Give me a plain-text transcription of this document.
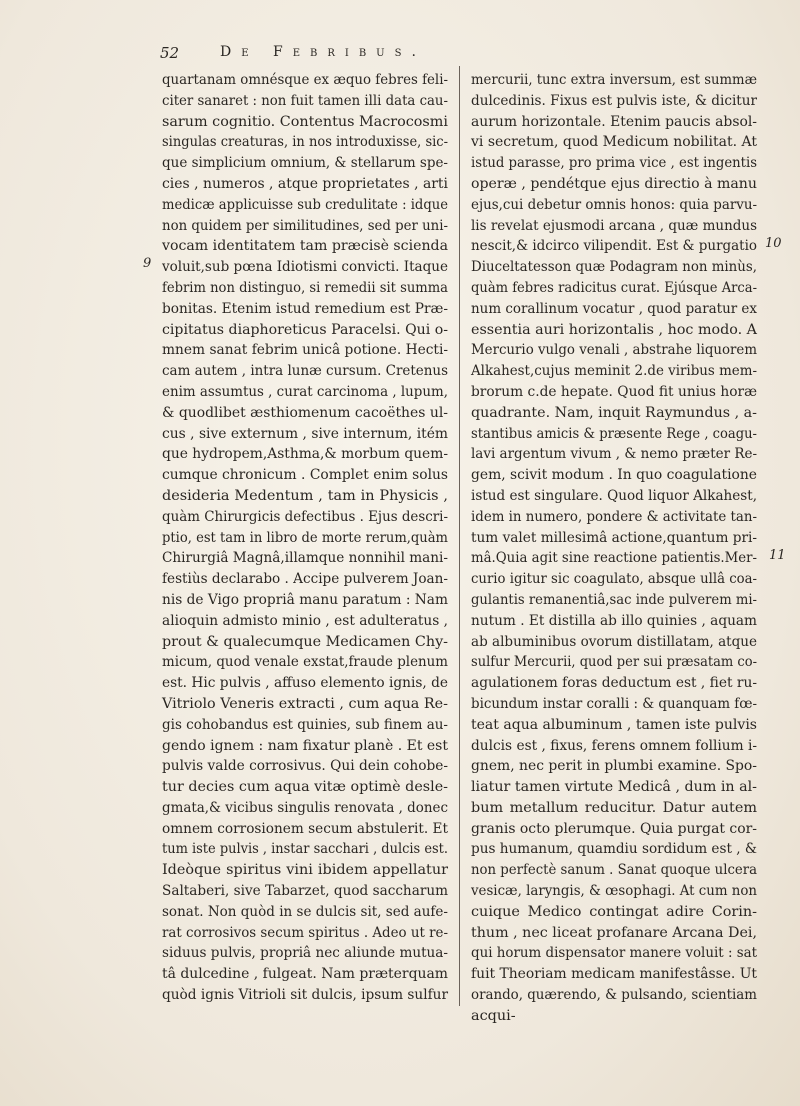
52	De Febribus.
quartanam omnésque ex æquo febres feli-
citer sanaret : non fuit tamen illi data cau-
sarum cognitio. Contentus Macrocosmi
singulas creaturas, in nos introduxisse, sic-
que simplicium omnium, & stellarum spe-
cies , numeros , atque proprietates , arti
medicæ applicuisse sub credulitate : idque
non quidem per similitudines, sed per uni-
vocam identitatem tam præcisè scienda
voluit,sub pœna Idiotismi convicti. Itaque
febrim non distinguo, si remedii sit summa
bonitas. Etenim istud remedium est Præ-
cipitatus diaphoreticus Paracelsi. Qui o-
mnem sanat febrim unicâ potione. Hecti-
cam autem , intra lunæ cursum. Cretenus
enim assumtus , curat carcinoma , lupum,
& quodlibet æsthiomenum cacoëthes ul-
cus , sive externum , sive internum, itém
que hydropem,Asthma,& morbum quem-
cumque chronicum . Complet enim solus
desideria Medentum , tam in Physicis ,
quàm Chirurgicis defectibus . Ejus descri-
ptio, est tam in libro de morte rerum,quàm
Chirurgiâ Magnâ,illamque nonnihil mani-
festiùs declarabo . Accipe pulverem Joan-
nis de Vigo propriâ manu paratum : Nam
alioquin admisto minio , est adulteratus ,
prout & qualecumque Medicamen Chy-
micum, quod venale exstat,fraude plenum
est. Hic pulvis , affuso elemento ignis, de
Vitriolo Veneris extracti , cum aqua Re-
gis cohobandus est quinies, sub finem au-
gendo ignem : nam fixatur planè . Et est
pulvis valde corrosivus. Qui dein cohobe-
tur decies cum aqua vitæ optimè desle-
gmata,& vicibus singulis renovata , donec
omnem corrosionem secum abstulerit. Et
tum iste pulvis , instar sacchari , dulcis est.
Ideòque spiritus vini ibidem appellatur
Saltaberi, sive Tabarzet, quod saccharum
sonat. Non quòd in se dulcis sit, sed aufe-
rat corrosivos secum spiritus . Adeo ut re-
siduus pulvis, propriâ nec aliunde mutua-
tâ dulcedine , fulgeat. Nam præterquam
quòd ignis Vitrioli sit dulcis, ipsum sulfur
mercurii, tunc extra inversum, est summæ
dulcedinis. Fixus est pulvis iste, & dicitur
aurum horizontale. Etenim paucis absol-
vi secretum, quod Medicum nobilitat. At
istud parasse, pro prima vice , est ingentis
operæ , pendétque ejus directio à manu
ejus,cui debetur omnis honos: quia parvu-
lis revelat ejusmodi arcana , quæ mundus
nescit,& idcirco vilipendit. Est & purgatio
Diuceltatesson quæ Podagram non minùs,
quàm febres radicitus curat. Ejúsque Arca-
num corallinum vocatur , quod paratur ex
essentia auri horizontalis , hoc modo. A
Mercurio vulgo venali , abstrahe liquorem
Alkahest,cujus meminit 2.de viribus mem-
brorum c.de hepate. Quod fit unius horæ
quadrante. Nam, inquit Raymundus , a-
stantibus amicis & præsente Rege , coagu-
lavi argentum vivum , & nemo præter Re-
gem, scivit modum . In quo coagulatione
istud est singulare. Quod liquor Alkahest,
idem in numero, pondere & activitate tan-
tum valet millesimâ actione,quantum pri-
mâ.Quia agit sine reactione patientis.Mer-
curio igitur sic coagulato, absque ullâ coa-
gulantis remanentiâ,sac inde pulverem mi-
nutum . Et distilla ab illo quinies , aquam
ab albuminibus ovorum distillatam, atque
sulfur Mercurii, quod per sui præsatam co-
agulationem foras deductum est , fiet ru-
bicundum instar coralli : & quanquam fœ-
teat aqua albuminum , tamen iste pulvis
dulcis est , fixus, ferens omnem follium i-
gnem, nec perit in plumbi examine. Spo-
liatur tamen virtute Medicâ , dum in al-
bum metallum reducitur. Datur autem
granis octo plerumque. Quia purgat cor-
pus humanum, quamdiu sordidum est , &
non perfectè sanum . Sanat quoque ulcera
vesicæ, laryngis, & œsophagi. At cum non
cuique Medico contingat adire Corin-
thum , nec liceat profanare Arcana Dei,
qui horum dispensator manere voluit : sat
fuit Theoriam medicam manifestâsse. Ut
orando, quærendo, & pulsando, scientiam
acqui-
9
10
11
